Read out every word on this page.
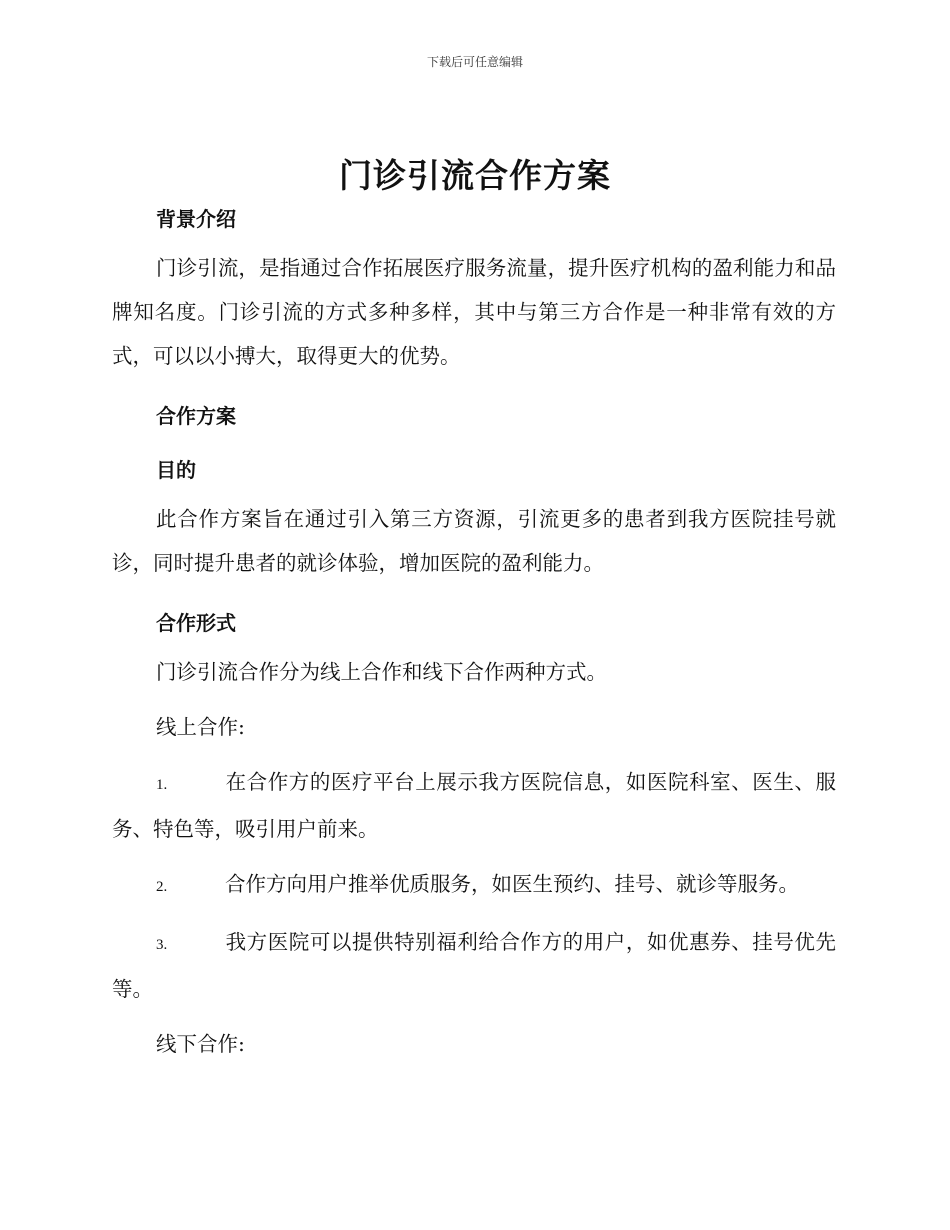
下载后可任意编辑
门诊引流合作方案
背景介绍

门诊引流，是指通过合作拓展医疗服务流量，提升医疗机构的盈利能力和品牌知名度。门诊引流的方式多种多样，其中与第三方合作是一种非常有效的方式，可以以小搏大，取得更大的优势。

合作方案
目的

此合作方案旨在通过引入第三方资源，引流更多的患者到我方医院挂号就诊，同时提升患者的就诊体验，增加医院的盈利能力。

合作形式

门诊引流合作分为线上合作和线下合作两种方式。

线上合作:

1.	在合作方的医疗平台上展示我方医院信息，如医院科室、医生、服务、特色等，吸引用户前来。

2.	合作方向用户推举优质服务，如医生预约、挂号、就诊等服务。

3.	我方医院可以提供特别福利给合作方的用户，如优惠券、挂号优先等。

线下合作:
